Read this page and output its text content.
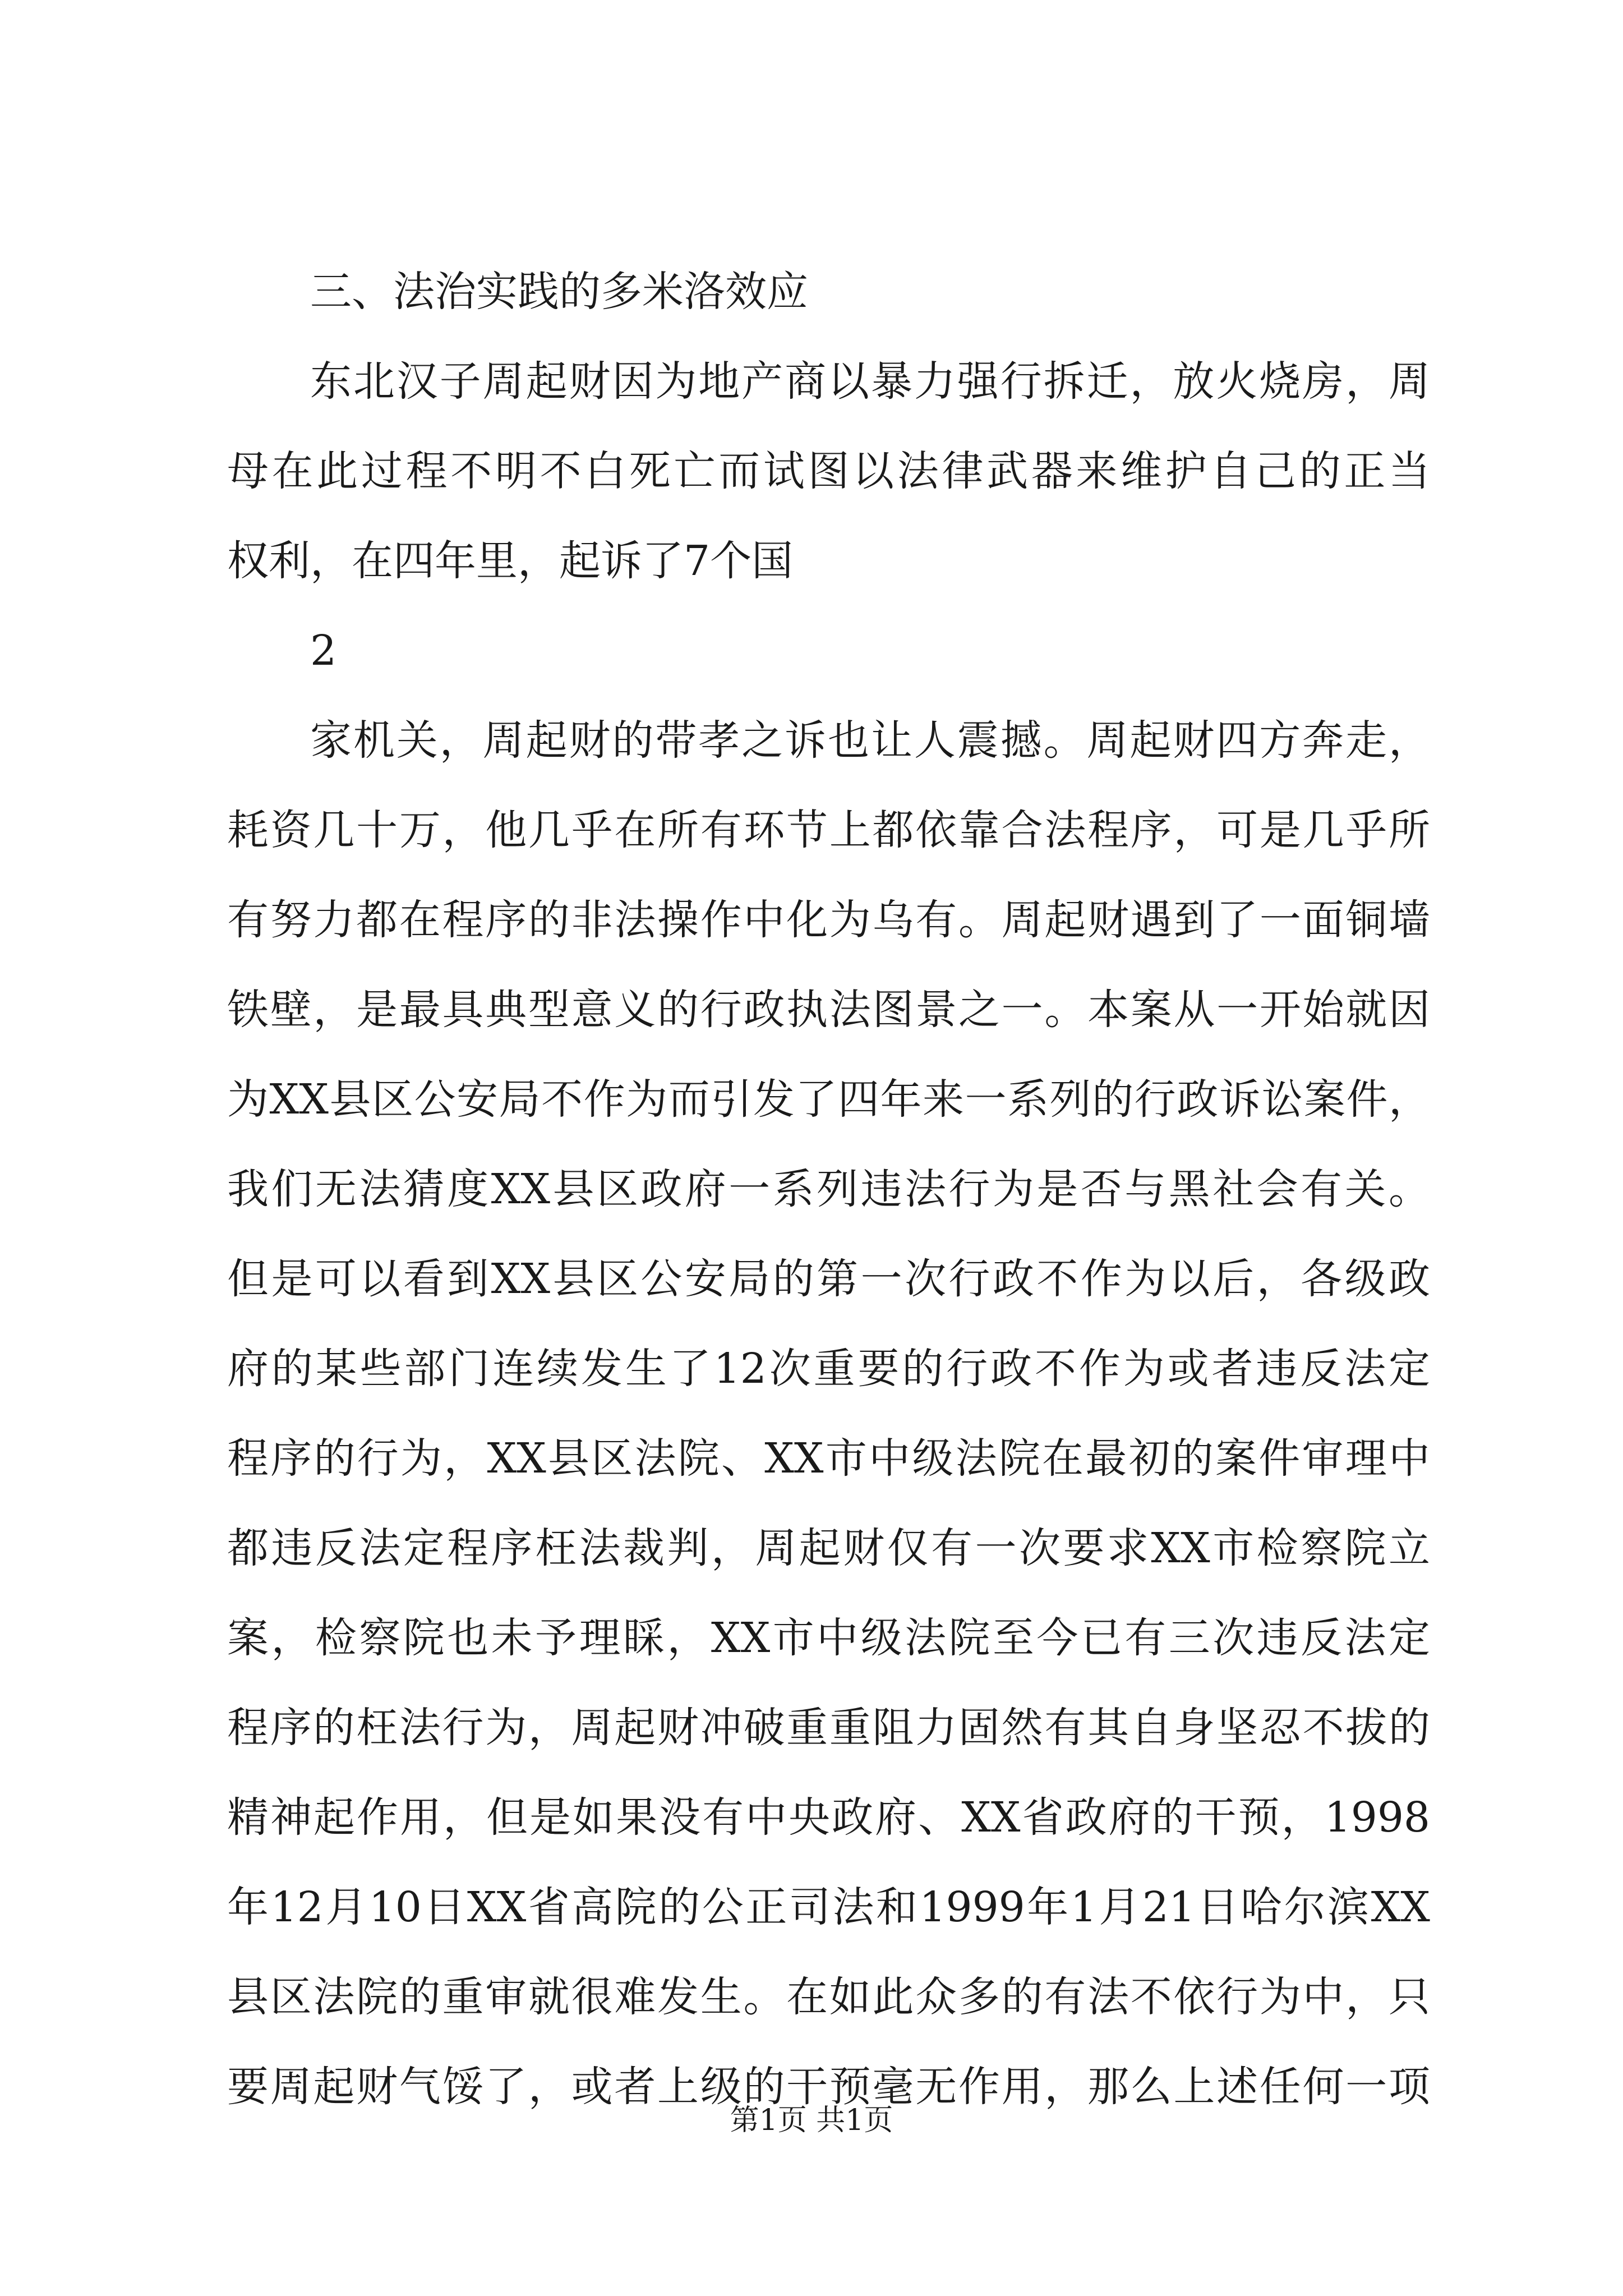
三、法治实践的多米洛效应
东北汉子周起财因为地产商以暴力强行拆迁，放火烧房，周
母在此过程不明不白死亡而试图以法律武器来维护自己的正当
权利，在四年里，起诉了7个国
2
家机关，周起财的带孝之诉也让人震撼。周起财四方奔走，
耗资几十万，他几乎在所有环节上都依靠合法程序，可是几乎所
有努力都在程序的非法操作中化为乌有。周起财遇到了一面铜墙
铁壁，是最具典型意义的行政执法图景之一。本案从一开始就因
为XX县区公安局不作为而引发了四年来一系列的行政诉讼案件，
我们无法猜度XX县区政府一系列违法行为是否与黑社会有关。
但是可以看到XX县区公安局的第一次行政不作为以后，各级政
府的某些部门连续发生了12次重要的行政不作为或者违反法定
程序的行为，XX县区法院、XX市中级法院在最初的案件审理中
都违反法定程序枉法裁判，周起财仅有一次要求XX市检察院立
案，检察院也未予理睬，XX市中级法院至今已有三次违反法定
程序的枉法行为，周起财冲破重重阻力固然有其自身坚忍不拔的
精神起作用，但是如果没有中央政府、XX省政府的干预，1998
年12月10日XX省高院的公正司法和1999年1月21日哈尔滨XX
县区法院的重审就很难发生。在如此众多的有法不依行为中，只
要周起财气馁了，或者上级的干预毫无作用，那么上述任何一项
第1页 共1页
